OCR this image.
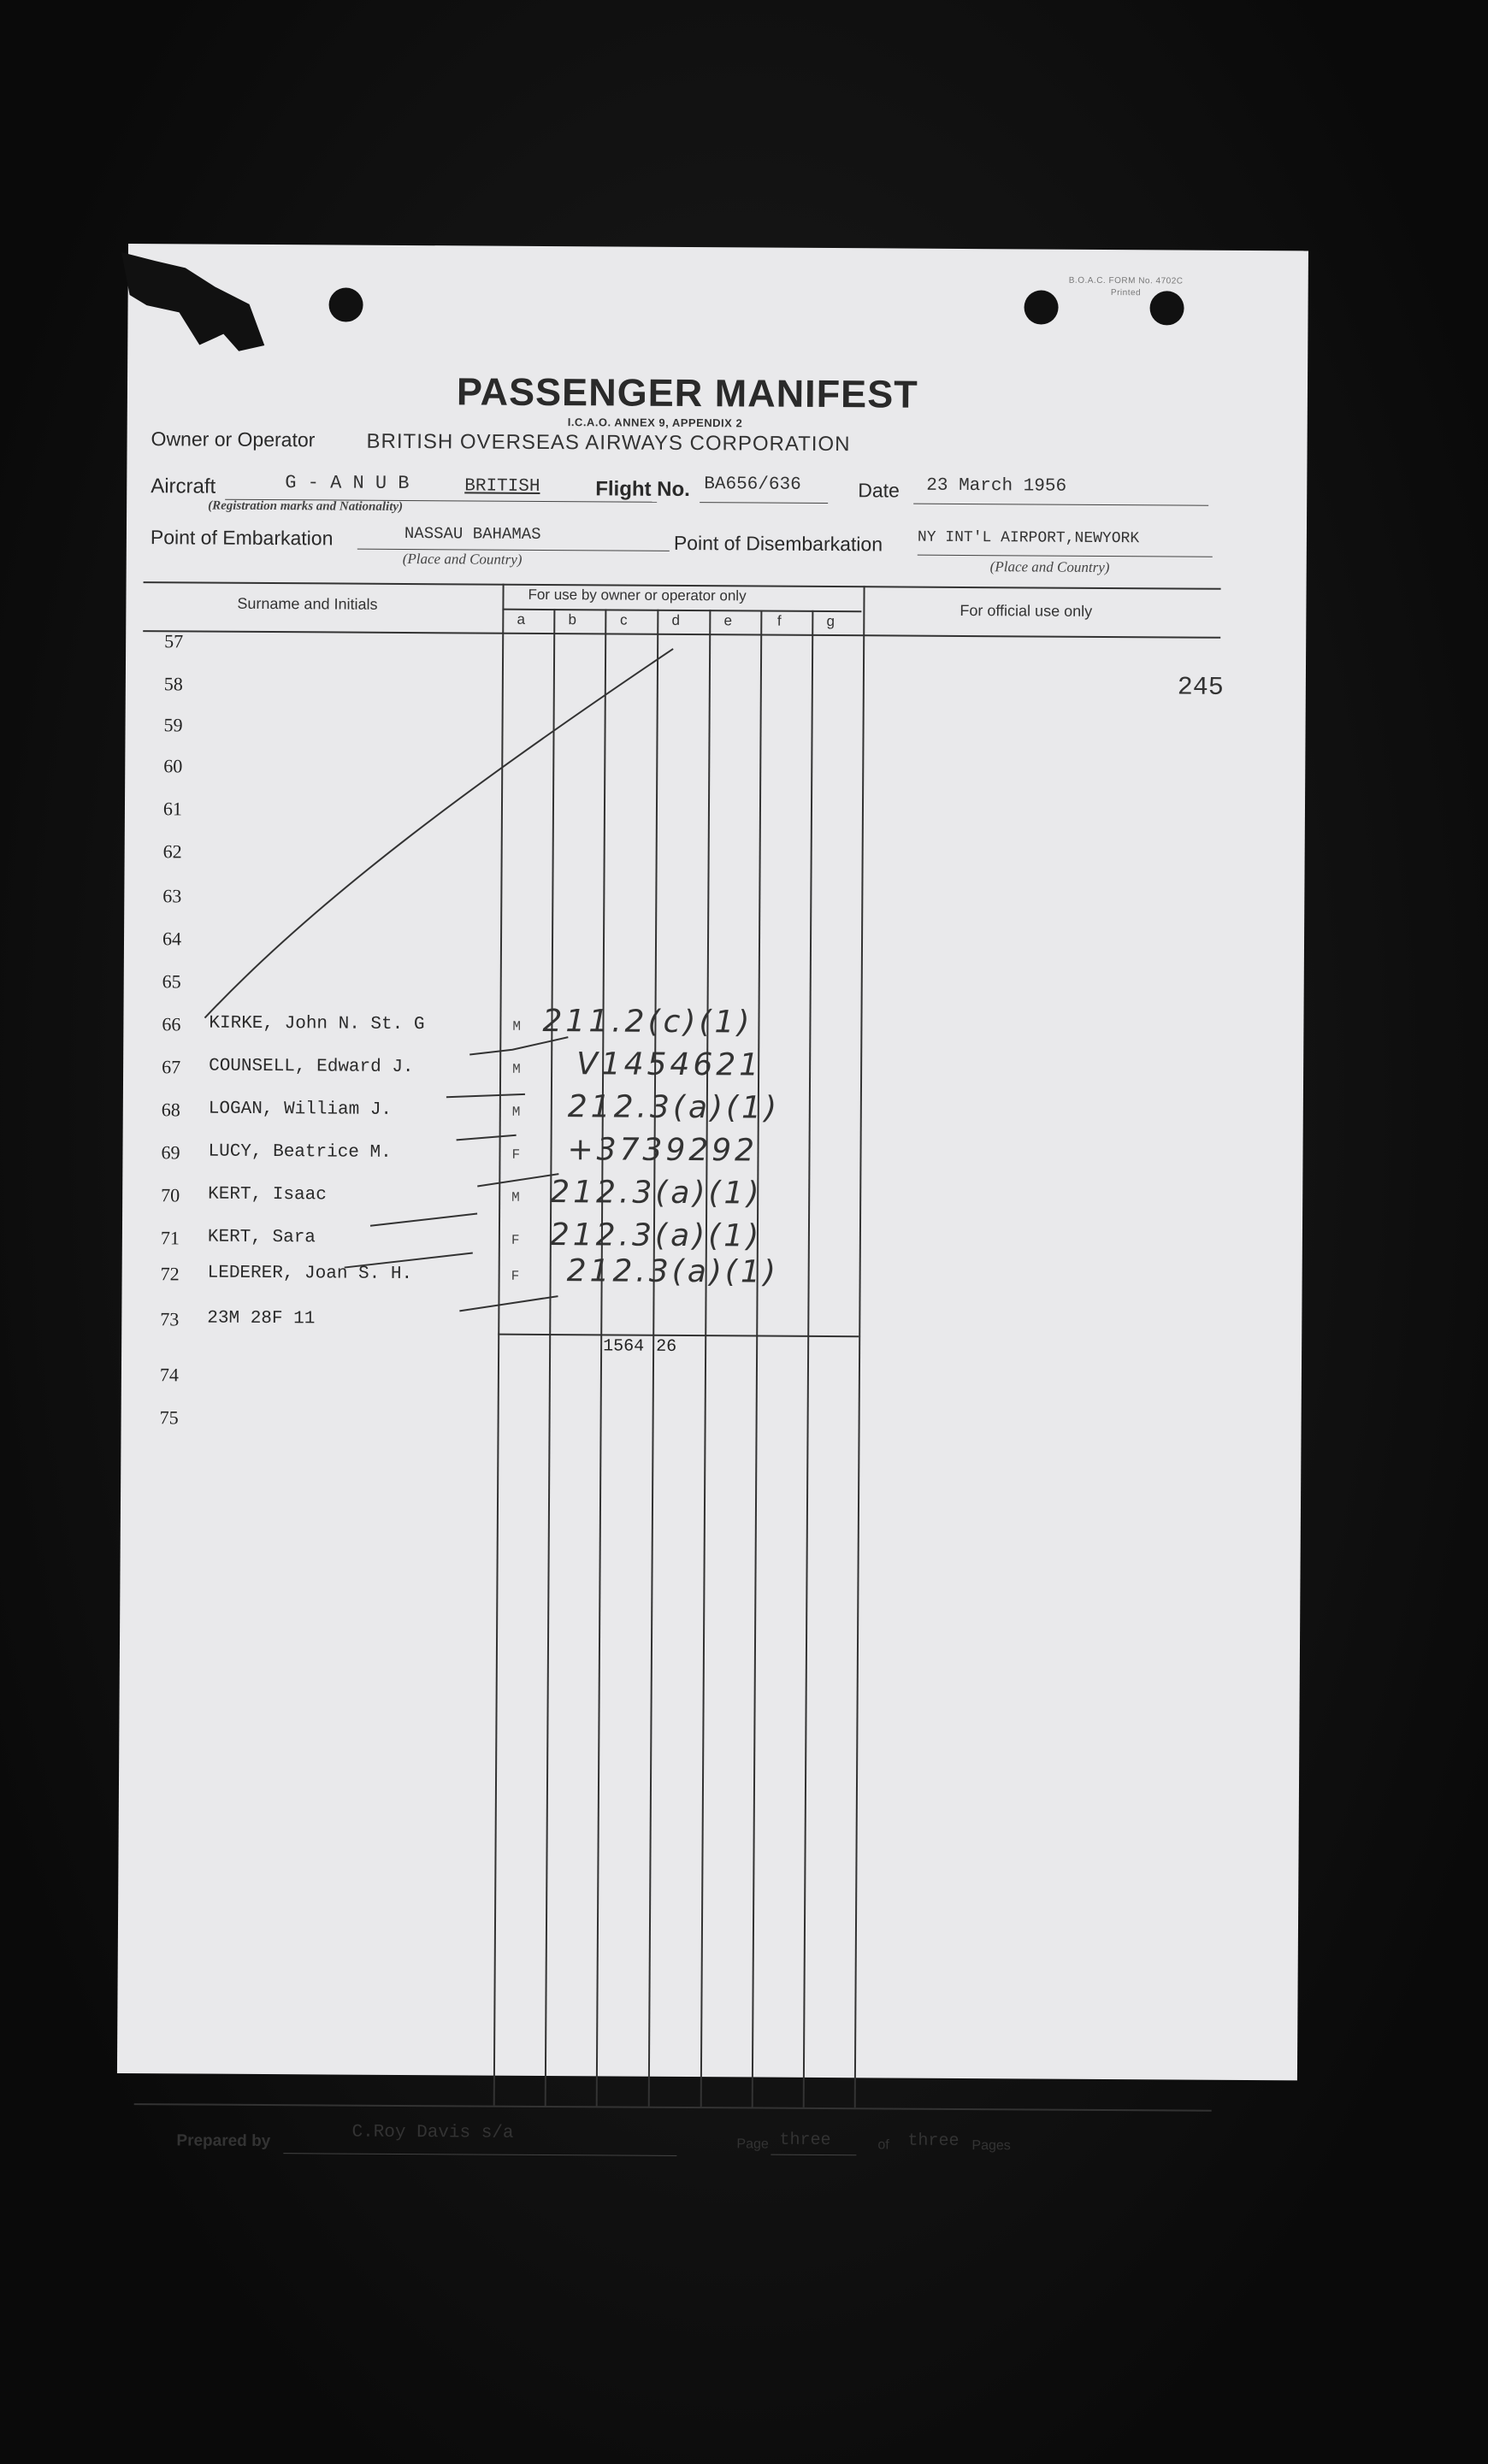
B.O.A.C. FORM No. 4702C
Printed
PASSENGER MANIFEST
I.C.A.O. ANNEX 9, APPENDIX 2
Owner or Operator	BRITISH OVERSEAS AIRWAYS CORPORATION
Aircraft	G - A N U B	BRITISH
(Registration marks and Nationality)
Flight No. BA656/636	Date 23 March 1956
Point of Embarkation	NASSAU BAHAMAS
(Place and Country)
Point of Disembarkation NY INT'L AIRPORT,NEWYORK
(Place and Country)
Surname and Initials	For use by owner or operator only
For official use only
a	b	c	d	e	f	g
245
57
58
59
60
61
62
63
64
65
66 KIRKE, John N. St. G	M 211.2(c)(1)
67 COUNSELL, Edward J.	M V1454621
68 LOGAN, William J.	M 212.3(a)(1)
69 LUCY, Beatrice M.	F +3739292
70 KERT, Isaac	M 212.3(a)(1)
71 KERT, Sara	F 212.3(a)(1)
72 LEDERER, Joan S. H.	F 212.3(a)(1)
73 23M 28F 11
74
75
1564 26
Prepared by	C.Roy Davis s/a
Page three	of three Pages
